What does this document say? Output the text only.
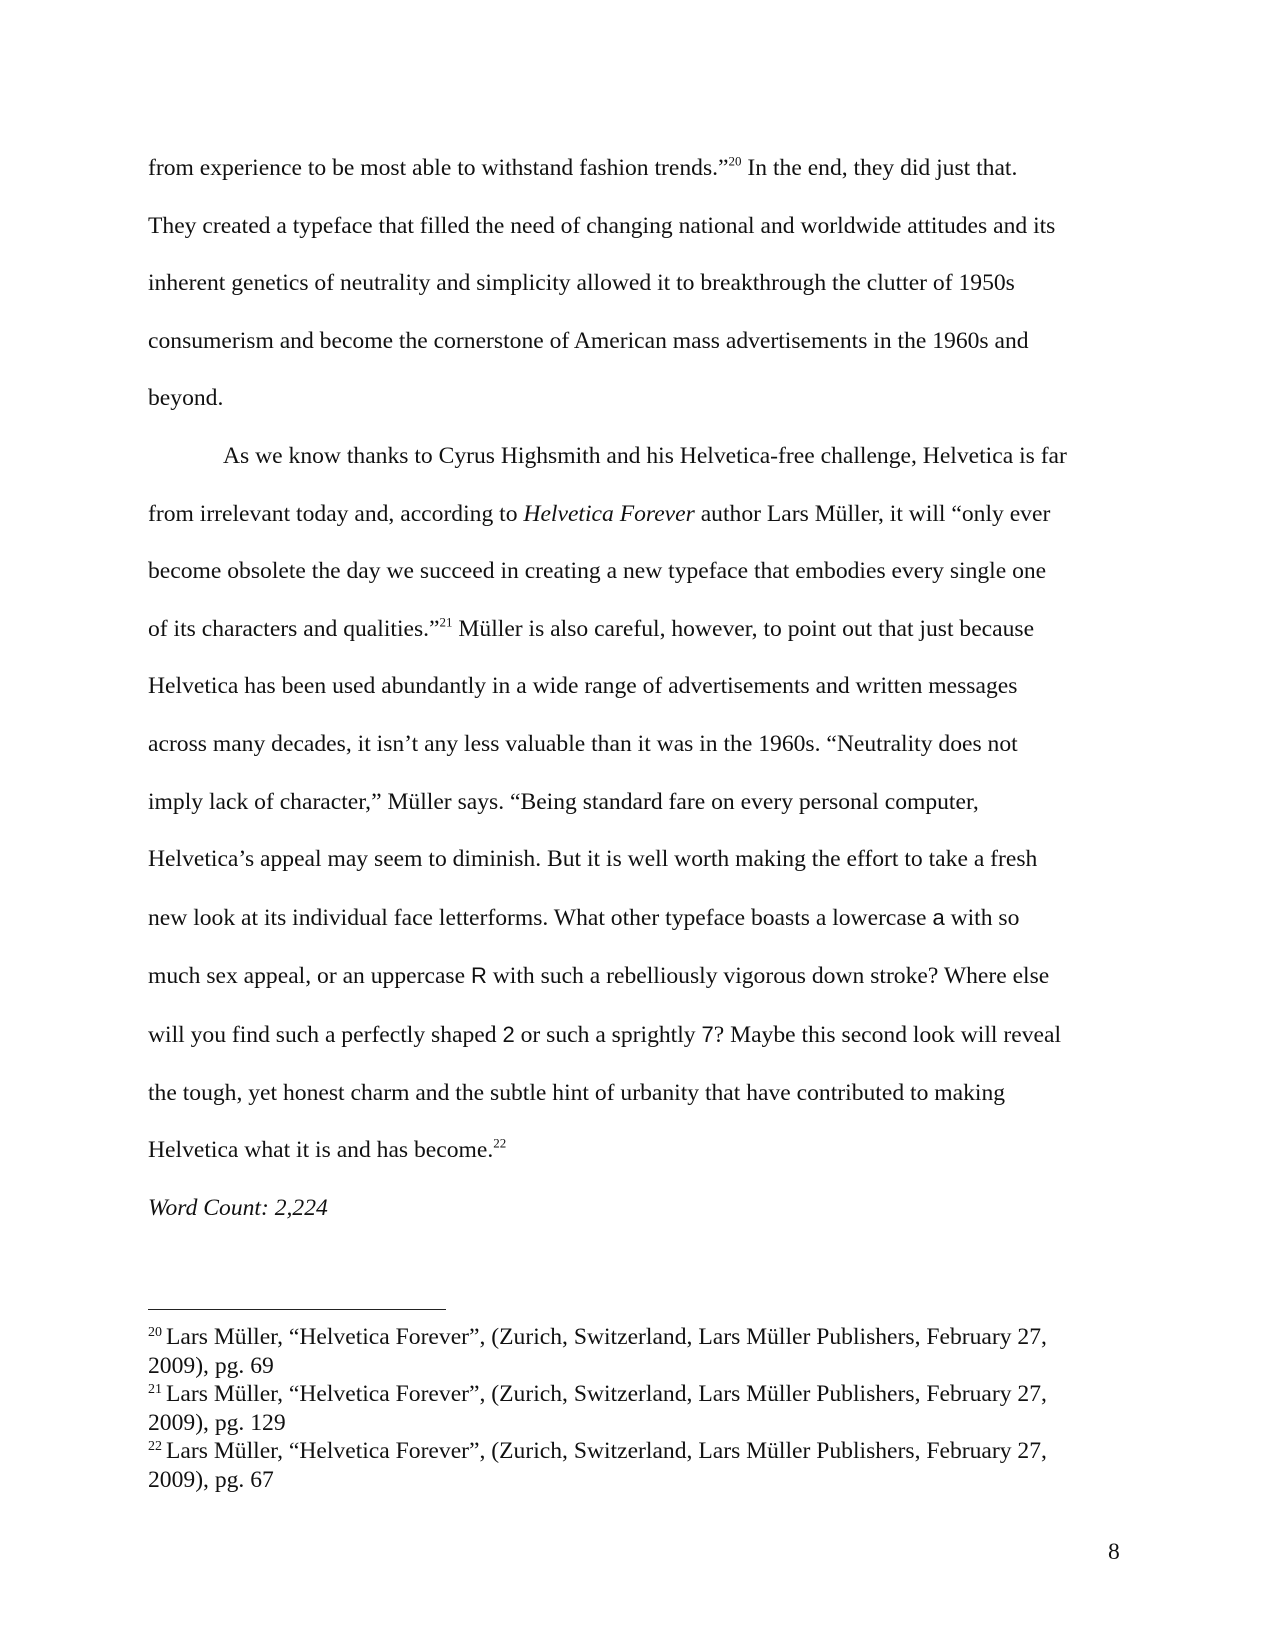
from experience to be most able to withstand fashion trends.”$^{20}$ In the end, they did just that.
They created a typeface that filled the need of changing national and worldwide attitudes and its
inherent genetics of neutrality and simplicity allowed it to breakthrough the clutter of 1950s
consumerism and become the cornerstone of American mass advertisements in the 1960s and
beyond.

As we know thanks to Cyrus Highsmith and his Helvetica-free challenge, Helvetica is far
from irrelevant today and, according to Helvetica Forever author Lars Müller, it will “only ever
become obsolete the day we succeed in creating a new typeface that embodies every single one
of its characters and qualities.”$^{21}$ Müller is also careful, however, to point out that just because
Helvetica has been used abundantly in a wide range of advertisements and written messages
across many decades, it isn’t any less valuable than it was in the 1960s. “Neutrality does not
imply lack of character,” Müller says. “Being standard fare on every personal computer,
Helvetica’s appeal may seem to diminish. But it is well worth making the effort to take a fresh
new look at its individual face letterforms. What other typeface boasts a lowercase a with so
much sex appeal, or an uppercase R with such a rebelliously vigorous down stroke? Where else
will you find such a perfectly shaped 2 or such a sprightly 7? Maybe this second look will reveal
the tough, yet honest charm and the subtle hint of urbanity that have contributed to making
Helvetica what it is and has become.$^{22}$

Word Count: 2,224

$^{20}$ Lars Müller, “Helvetica Forever”, (Zurich, Switzerland, Lars Müller Publishers, February 27,
2009), pg. 69

$^{21}$ Lars Müller, “Helvetica Forever”, (Zurich, Switzerland, Lars Müller Publishers, February 27,
2009), pg. 129

$^{22}$ Lars Müller, “Helvetica Forever”, (Zurich, Switzerland, Lars Müller Publishers, February 27,
2009), pg. 67

8
